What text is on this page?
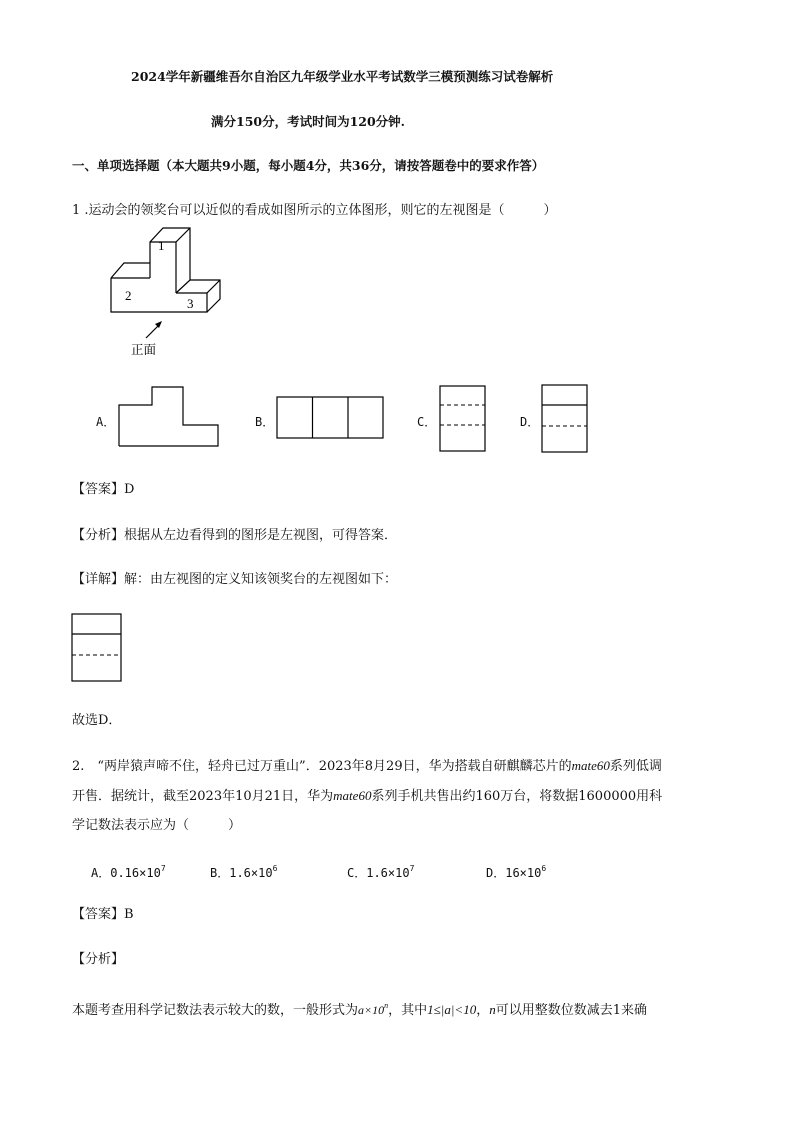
2024学年新疆维吾尔自治区九年级学业水平考试数学三模预测练习试卷解析
满分150分，考试时间为120分钟.
一、单项选择题（本大题共9小题，每小题4分，共36分，请按答题卷中的要求作答）
1 .运动会的领奖台可以近似的看成如图所示的立体图形，则它的左视图是（　　　）
1
2
3
正面
A．	B．	C．	D．
【答案】D
【分析】根据从左边看得到的图形是左视图，可得答案．
【详解】解：由左视图的定义知该领奖台的左视图如下：
故选D．
2.　“两岸猿声啼不住，轻舟已过万重山”．2023年8月29日，华为搭载自研麒麟芯片的mate60系列低调
开售．据统计，截至2023年10月21日，华为mate60系列手机共售出约160万台，将数据1600000用科
学记数法表示应为（　　　）
A．$0.16\times 10^7$	B．$1.6\times 10^6$	C．$1.6\times 10^7$	D．$16\times 10^6$
【答案】B
【分析】
本题考查用科学记数法表示较大的数，一般形式为$a\times 10^n$，其中1≤|a|<10，n可以用整数位数减去1来确
